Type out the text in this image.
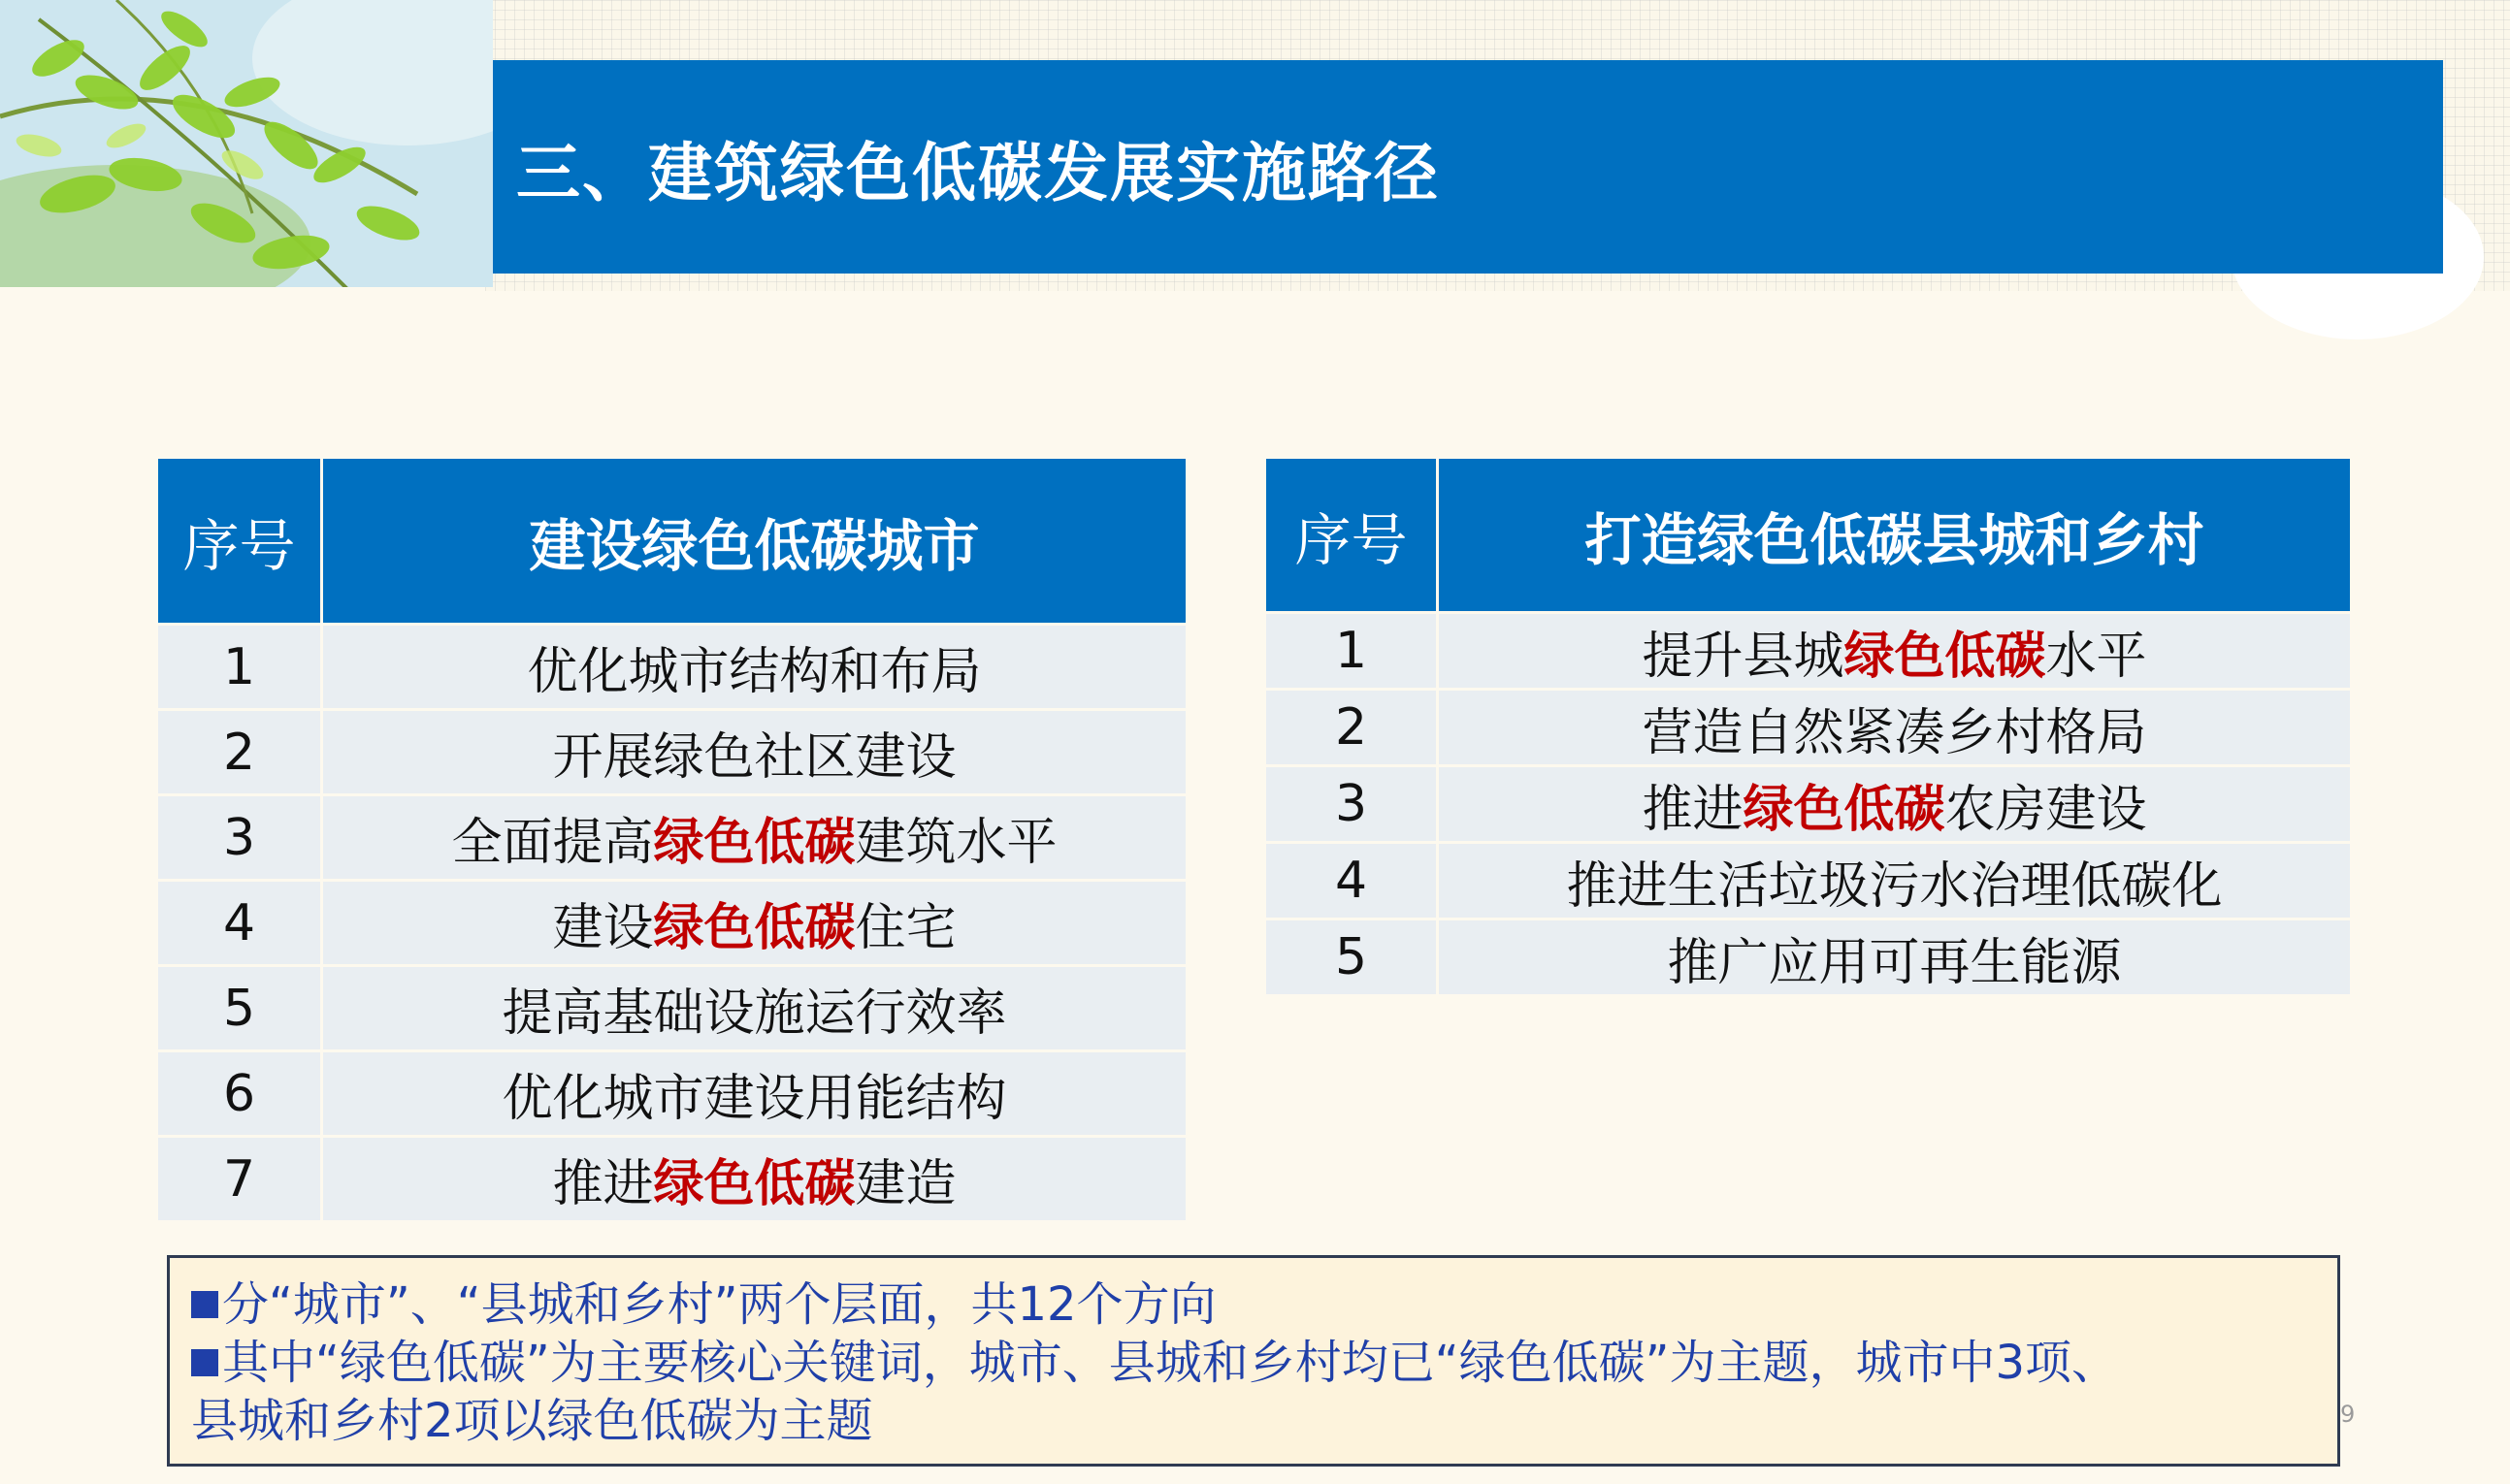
三、建筑绿色低碳发展实施路径
序号	建设绿色低碳城市
1	优化城市结构和布局
2	开展绿色社区建设
3	全面提高绿色低碳建筑水平
4	建设绿色低碳住宅
5	提高基础设施运行效率
6	优化城市建设用能结构
7	推进绿色低碳建造
序号	打造绿色低碳县城和乡村
1	提升县城绿色低碳水平
2	营造自然紧凑乡村格局
3	推进绿色低碳农房建设
4	推进生活垃圾污水治理低碳化
5	推广应用可再生能源
分“城市”、“县城和乡村”两个层面，共12个方向
其中“绿色低碳”为主要核心关键词，城市、县城和乡村均已“绿色低碳”为主题，城市中3项、
县城和乡村2项以绿色低碳为主题	9
